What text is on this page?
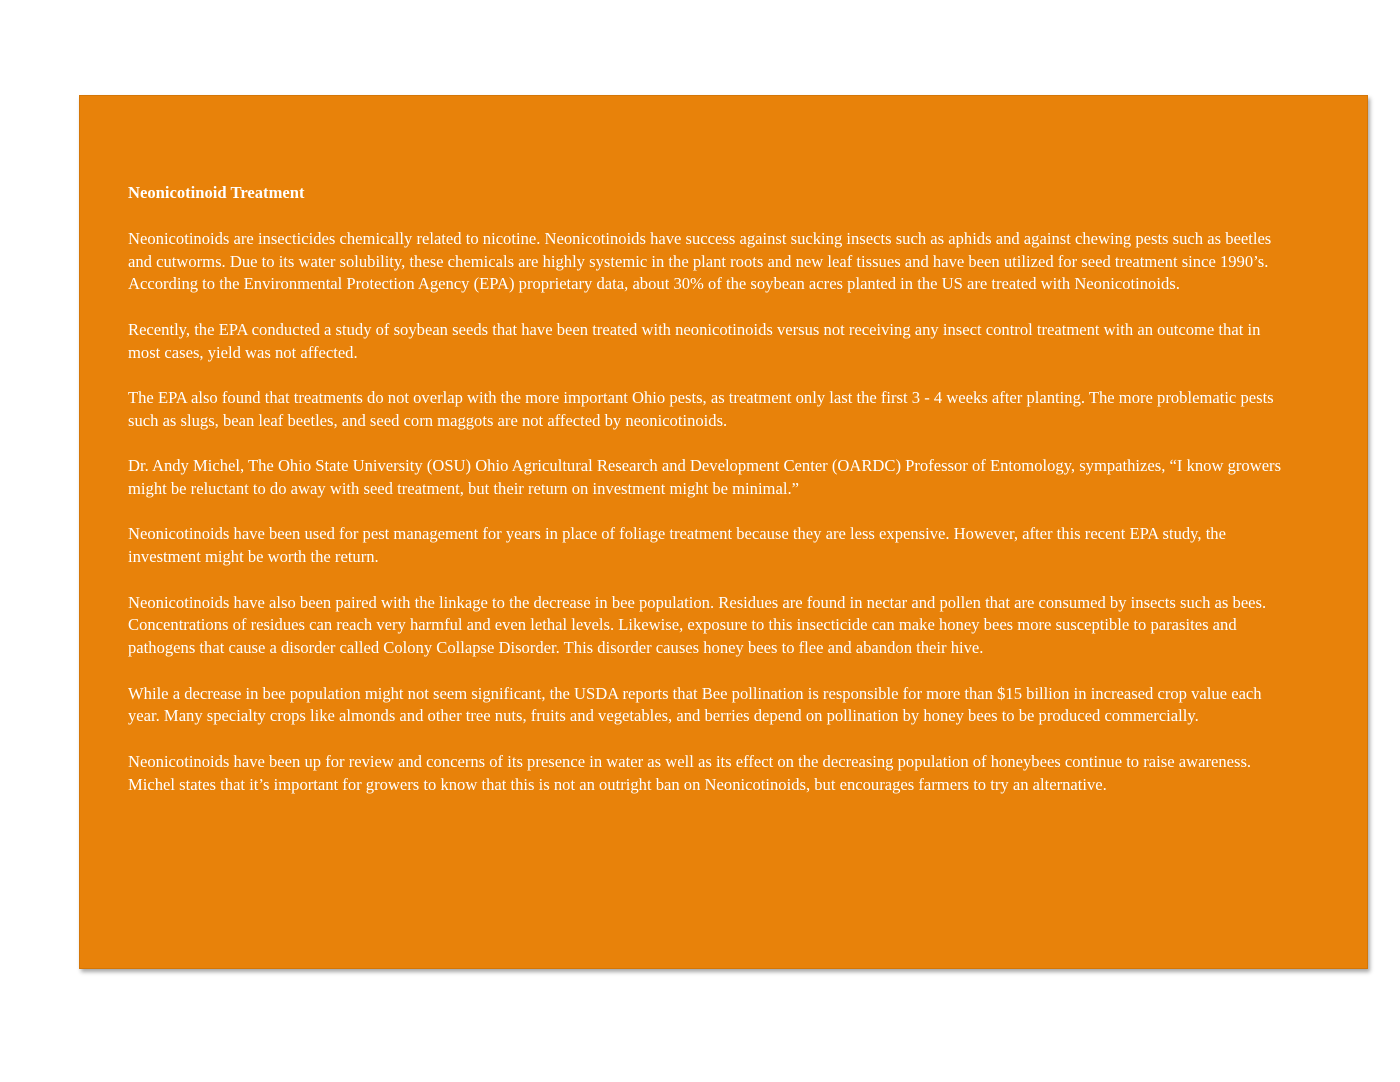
Neonicotinoid Treatment

Neonicotinoids are insecticides chemically related to nicotine. Neonicotinoids have success against sucking insects such as aphids and against chewing pests such as beetles and cutworms. Due to its water solubility, these chemicals are highly systemic in the plant roots and new leaf tissues and have been utilized for seed treatment since 1990’s. According to the Environmental Protection Agency (EPA) proprietary data, about 30% of the soybean acres planted in the US are treated with Neonicotinoids.

Recently, the EPA conducted a study of soybean seeds that have been treated with neonicotinoids versus not receiving any insect control treatment with an outcome that in most cases, yield was not affected.

The EPA also found that treatments do not overlap with the more important Ohio pests, as treatment only last the first 3 - 4 weeks after planting. The more problematic pests such as slugs, bean leaf beetles, and seed corn maggots are not affected by neonicotinoids.

Dr. Andy Michel, The Ohio State University (OSU) Ohio Agricultural Research and Development Center (OARDC) Professor of Entomology, sympathizes, “I know growers might be reluctant to do away with seed treatment, but their return on investment might be minimal.”

Neonicotinoids have been used for pest management for years in place of foliage treatment because they are less expensive. However, after this recent EPA study, the investment might be worth the return.

Neonicotinoids have also been paired with the linkage to the decrease in bee population. Residues are found in nectar and pollen that are consumed by insects such as bees. Concentrations of residues can reach very harmful and even lethal levels. Likewise, exposure to this insecticide can make honey bees more susceptible to parasites and pathogens that cause a disorder called Colony Collapse Disorder. This disorder causes honey bees to flee and abandon their hive.

While a decrease in bee population might not seem significant, the USDA reports that Bee pollination is responsible for more than $15 billion in increased crop value each year. Many specialty crops like almonds and other tree nuts, fruits and vegetables, and berries depend on pollination by honey bees to be produced commercially.

Neonicotinoids have been up for review and concerns of its presence in water as well as its effect on the decreasing population of honeybees continue to raise awareness. Michel states that it’s important for growers to know that this is not an outright ban on Neonicotinoids, but encourages farmers to try an alternative.
